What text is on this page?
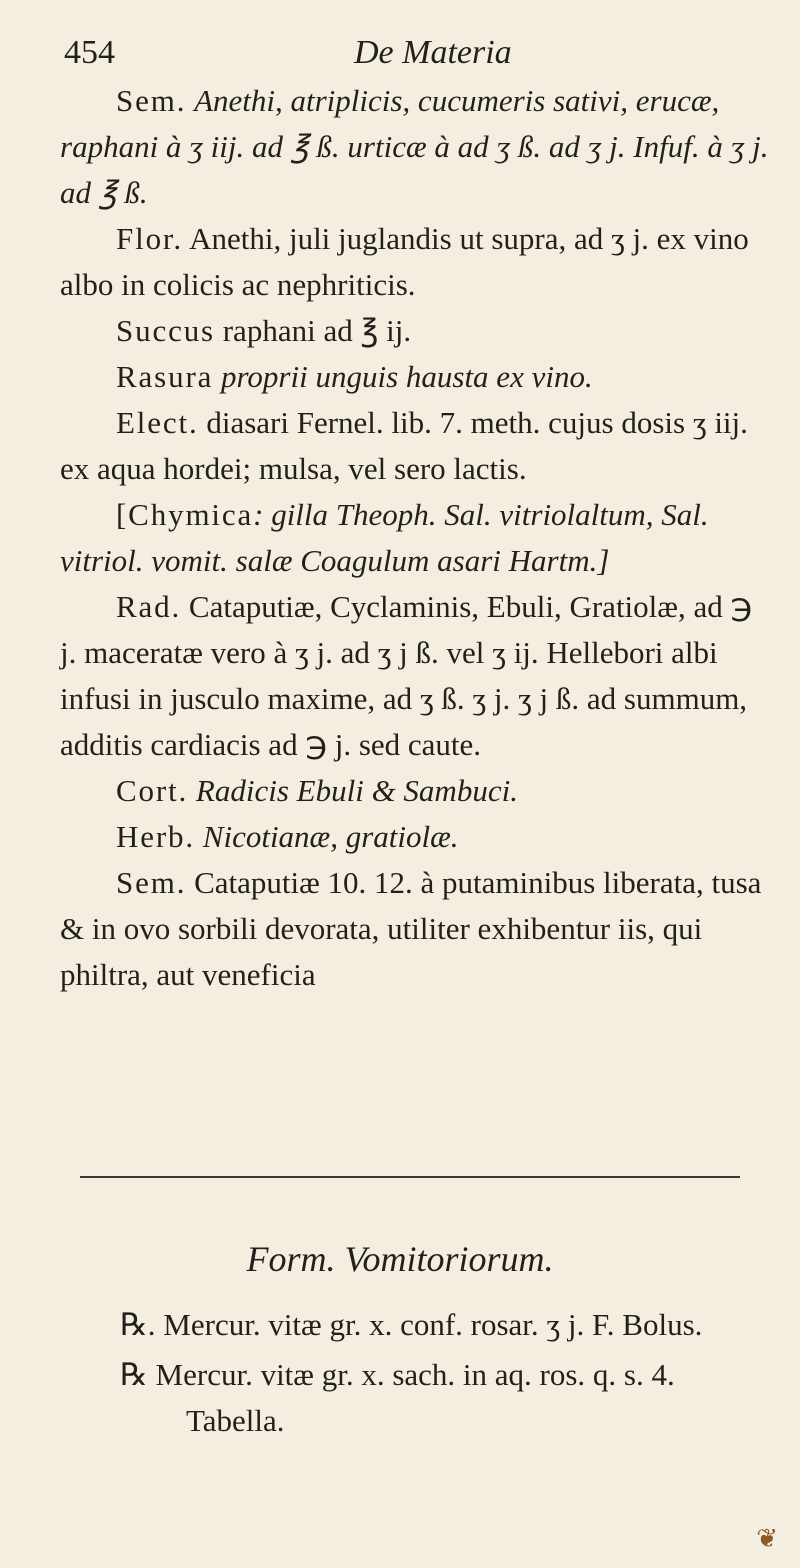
454	De Materia

Sem. Anethi, atriplicis, cucumeris sativi, erucæ, raphani à ʒ iij. ad ℥ ß. urticæ à ad ʒ ß. ad ʒ j. Infuf. à ʒ j. ad ℥ ß.

Flor. Anethi, juli juglandis ut supra, ad ʒ j. ex vino albo in colicis ac nephriticis.

Succus raphani ad ℥ ij.

Rasura proprii unguis hausta ex vino.

Elect. diasari Fernel. lib. 7. meth. cujus dosis ʒ iij. ex aqua hordei; mulsa, vel sero lactis.

[Chymica: gilla Theoph. Sal. vitriolaltum, Sal. vitriol. vomit. salæ Coagulum asari Hartm.]

Rad. Cataputiæ, Cyclaminis, Ebuli, Gratiolæ, ad ℈ j. maceratæ vero à ʒ j. ad ʒ j ß. vel ʒ ij. Hellebori albi infusi in jusculo maxime, ad ʒ ß. ʒ j. ʒ j ß. ad summum, additis cardiacis ad ℈ j. sed caute.

Cort. Radicis Ebuli & Sambuci.

Herb. Nicotianæ, gratiolæ.

Sem. Cataputiæ 10. 12. à putaminibus liberata, tusa & in ovo sorbili devorata, utiliter exhibentur iis, qui philtra, aut veneficia

Form. Vomitoriorum.

℞. Mercur. vitæ gr. x. conf. rosar. ʒ j. F. Bolus.

℞ Mercur. vitæ gr. x. sach. in aq. ros. q. s. 4. Tabella.

❦
